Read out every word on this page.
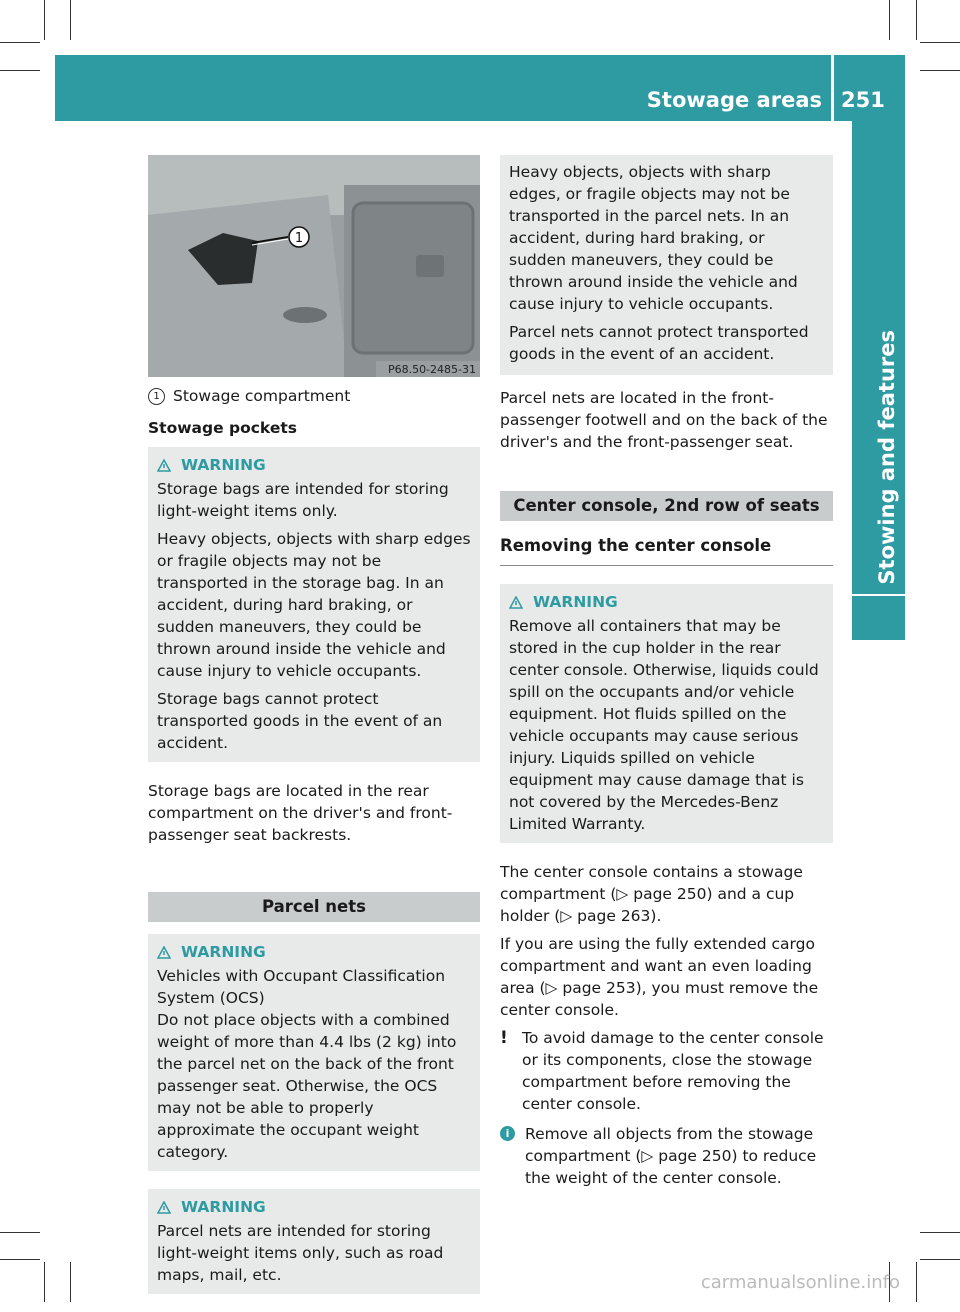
Stowage areas 251
Stowing and features
1
P68.50-2485-31
1 Stowage compartment
Stowage pockets
WARNING

Storage bags are intended for storing light-weight items only.

Heavy objects, objects with sharp edges or fragile objects may not be transported in the storage bag. In an accident, during hard braking, or sudden maneuvers, they could be thrown around inside the vehicle and cause injury to vehicle occupants.

Storage bags cannot protect transported goods in the event of an accident.

Storage bags are located in the rear compartment on the driver's and front-passenger seat backrests.

Parcel nets
WARNING

Vehicles with Occupant Classification System (OCS)

Do not place objects with a combined weight of more than 4.4 lbs (2 kg) into the parcel net on the back of the front passenger seat. Otherwise, the OCS may not be able to properly approximate the occupant weight category.

WARNING

Parcel nets are intended for storing light-weight items only, such as road maps, mail, etc.

Heavy objects, objects with sharp edges, or fragile objects may not be transported in the parcel nets. In an accident, during hard braking, or sudden maneuvers, they could be thrown around inside the vehicle and cause injury to vehicle occupants.

Parcel nets cannot protect transported goods in the event of an accident.

Parcel nets are located in the front-passenger footwell and on the back of the driver's and the front-passenger seat.

Center console, 2nd row of seats
Removing the center console
WARNING

Remove all containers that may be stored in the cup holder in the rear center console. Otherwise, liquids could spill on the occupants and/or vehicle equipment. Hot fluids spilled on the vehicle occupants may cause serious injury. Liquids spilled on vehicle equipment may cause damage that is not covered by the Mercedes-Benz Limited Warranty.

The center console contains a stowage compartment (▷ page 250) and a cup holder (▷ page 263).

If you are using the fully extended cargo compartment and want an even loading area (▷ page 253), you must remove the center console.

! To avoid damage to the center console or its components, close the stowage compartment before removing the center console.
i	Remove all objects from the stowage compartment (▷ page 250) to reduce the weight of the center console.
carmanualsonline.info
